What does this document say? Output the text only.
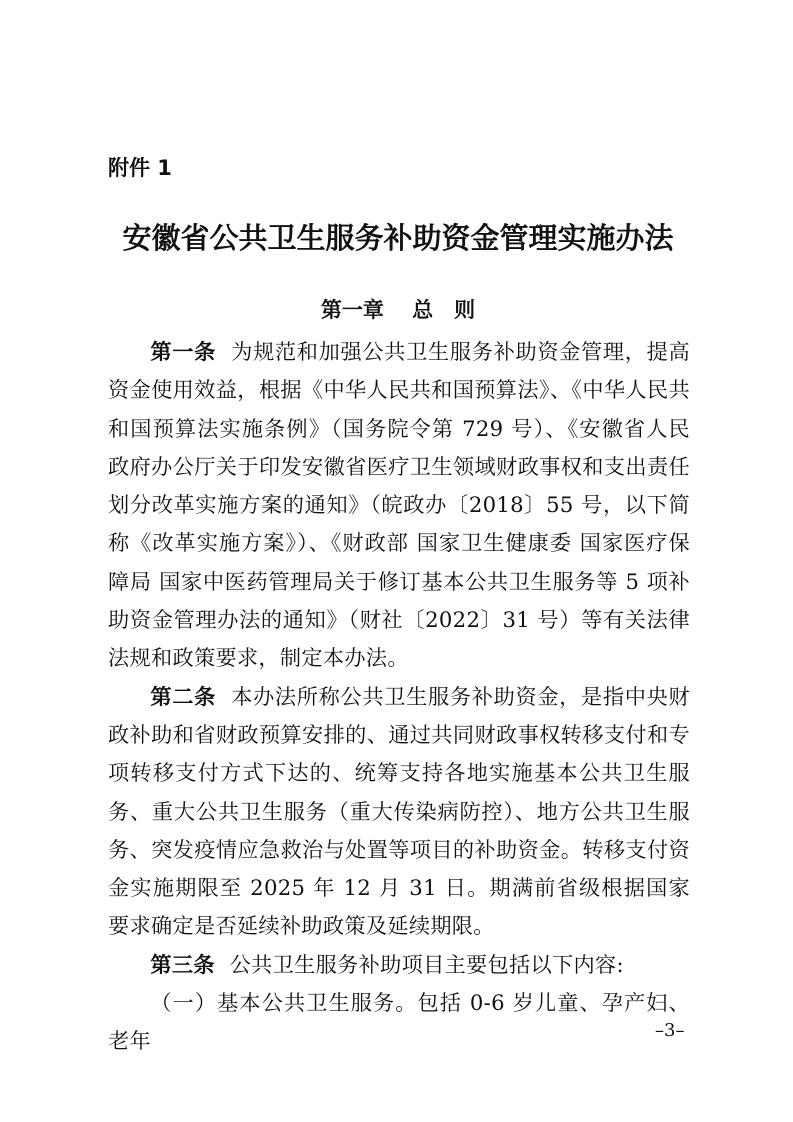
附件 1
安徽省公共卫生服务补助资金管理实施办法
第一章　 总　则

第一条 为规范和加强公共卫生服务补助资金管理，提高资金使用效益，根据《中华人民共和国预算法》、《中华人民共和国预算法实施条例》（国务院令第 729 号）、《安徽省人民政府办公厅关于印发安徽省医疗卫生领域财政事权和支出责任划分改革实施方案的通知》（皖政办〔2018〕55 号，以下简称《改革实施方案》）、《财政部 国家卫生健康委 国家医疗保障局 国家中医药管理局关于修订基本公共卫生服务等 5 项补助资金管理办法的通知》（财社〔2022〕31 号）等有关法律法规和政策要求，制定本办法。

第二条 本办法所称公共卫生服务补助资金，是指中央财政补助和省财政预算安排的、通过共同财政事权转移支付和专项转移支付方式下达的、统筹支持各地实施基本公共卫生服务、重大公共卫生服务（重大传染病防控）、地方公共卫生服务、突发疫情应急救治与处置等项目的补助资金。转移支付资金实施期限至 2025 年 12 月 31 日。期满前省级根据国家要求确定是否延续补助政策及延续期限。

第三条 公共卫生服务补助项目主要包括以下内容:

（一）基本公共卫生服务。包括 0-6 岁儿童、孕产妇、老年	–3–
